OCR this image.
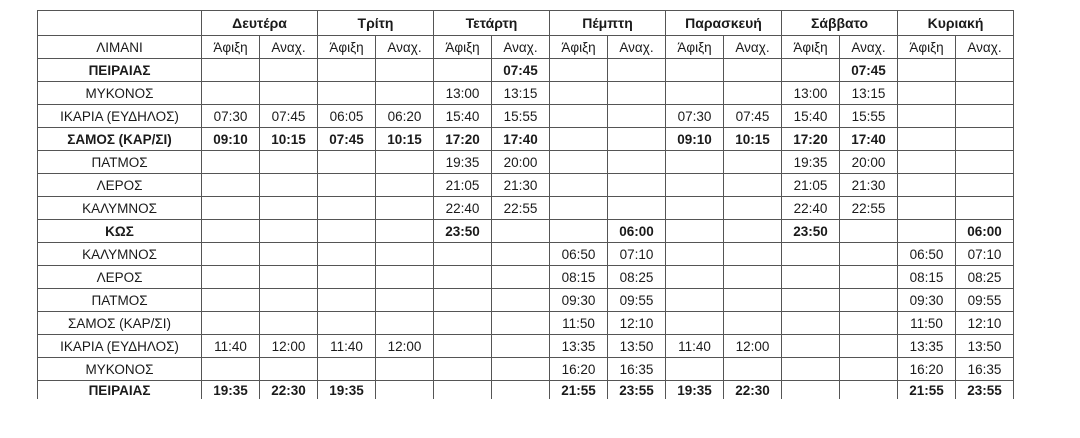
	Δευτέρα		Τρίτη		Τετάρτη		Πέμπτη		Παρασκευή		Σάββατο		Κυριακή	
ΛΙΜΑΝΙ	Άφιξη	Αναχ.	Άφιξη	Αναχ.	Άφιξη	Αναχ.	Άφιξη	Αναχ.	Άφιξη	Αναχ.	Άφιξη	Αναχ.	Άφιξη	Αναχ.
ΠΕΙΡΑΙΑΣ						07:45						07:45		
ΜΥΚΟΝΟΣ					13:00	13:15					13:00	13:15		
ΙΚΑΡΙΑ (ΕΥΔΗΛΟΣ)	07:30	07:45	06:05	06:20	15:40	15:55			07:30	07:45	15:40	15:55		
ΣΑΜΟΣ (ΚΑΡ/ΣΙ)	09:10	10:15	07:45	10:15	17:20	17:40			09:10	10:15	17:20	17:40		
ΠΑΤΜΟΣ					19:35	20:00					19:35	20:00		
ΛΕΡΟΣ					21:05	21:30					21:05	21:30		
ΚΑΛΥΜΝΟΣ					22:40	22:55					22:40	22:55		
ΚΩΣ					23:50			06:00			23:50			06:00
ΚΑΛΥΜΝΟΣ							06:50	07:10					06:50	07:10
ΛΕΡΟΣ							08:15	08:25					08:15	08:25
ΠΑΤΜΟΣ							09:30	09:55					09:30	09:55
ΣΑΜΟΣ (ΚΑΡ/ΣΙ)							11:50	12:10					11:50	12:10
ΙΚΑΡΙΑ (ΕΥΔΗΛΟΣ)	11:40	12:00	11:40	12:00			13:35	13:50	11:40	12:00			13:35	13:50
ΜΥΚΟΝΟΣ							16:20	16:35					16:20	16:35
ΠΕΙΡΑΙΑΣ	19:35	22:30	19:35				21:55	23:55	19:35	22:30			21:55	23:55
